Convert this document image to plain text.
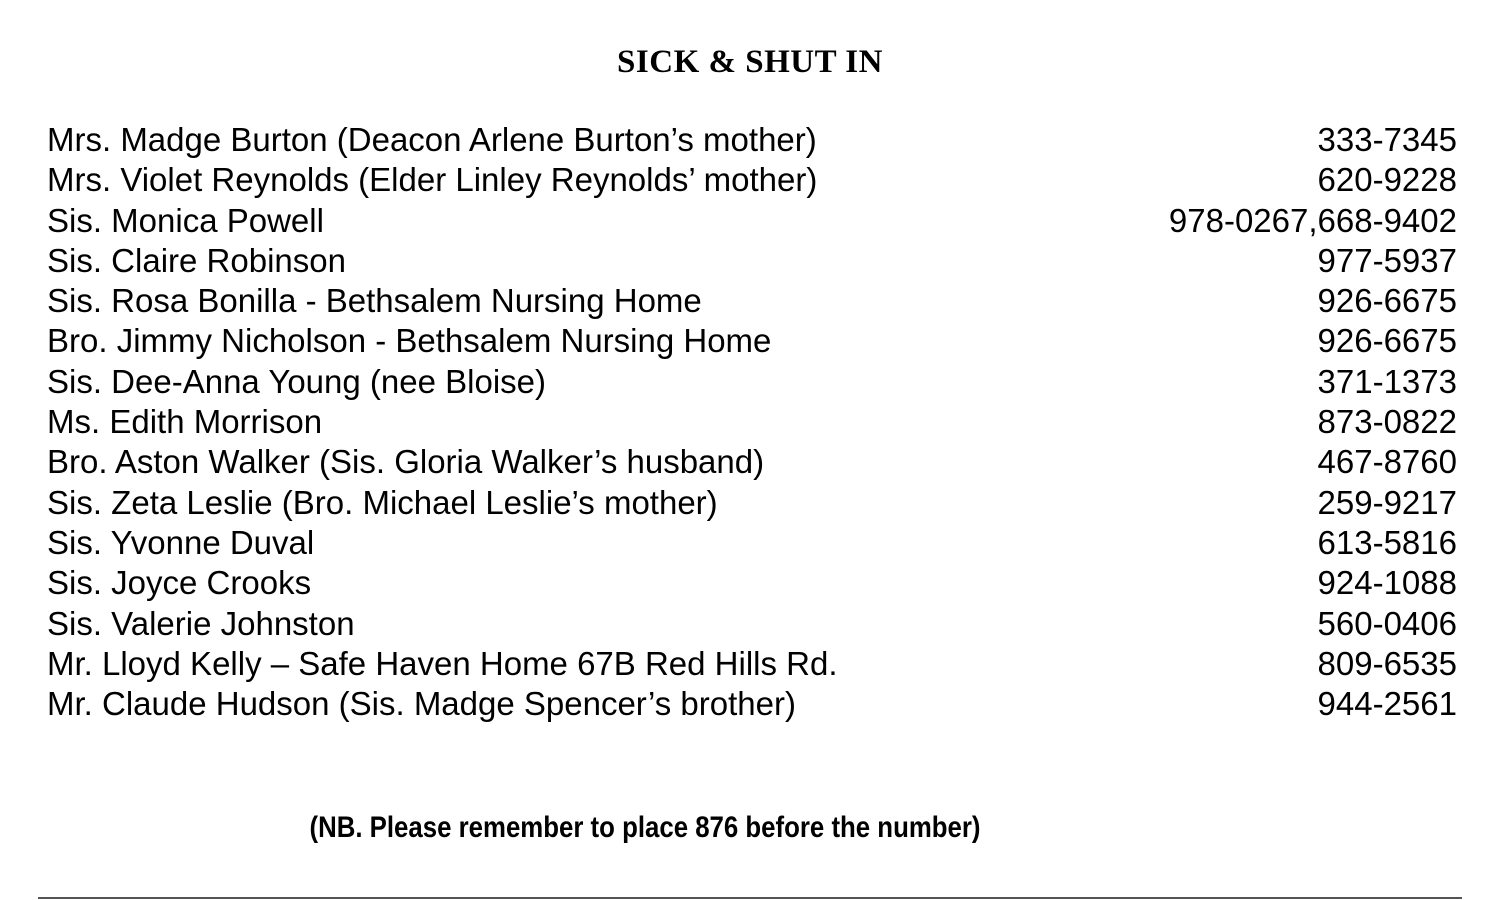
SICK & SHUT IN
Mrs. Madge Burton (Deacon Arlene Burton’s mother)	333-7345
Mrs. Violet Reynolds (Elder Linley Reynolds’ mother)	620-9228
Sis. Monica Powell	978-0267,668-9402
Sis. Claire Robinson	977-5937
Sis. Rosa Bonilla - Bethsalem Nursing Home	926-6675
Bro. Jimmy Nicholson - Bethsalem Nursing Home	926-6675
Sis. Dee-Anna Young (nee Bloise)	371-1373
Ms. Edith Morrison	873-0822
Bro. Aston Walker (Sis. Gloria Walker’s husband)	467-8760
Sis. Zeta Leslie (Bro. Michael Leslie’s mother)	259-9217
Sis. Yvonne Duval	613-5816
Sis. Joyce Crooks	924-1088
Sis. Valerie Johnston	560-0406
Mr. Lloyd Kelly – Safe Haven Home 67B Red Hills Rd.	809-6535
Mr. Claude Hudson (Sis. Madge Spencer’s brother)	944-2561
(NB. Please remember to place 876 before the number)
